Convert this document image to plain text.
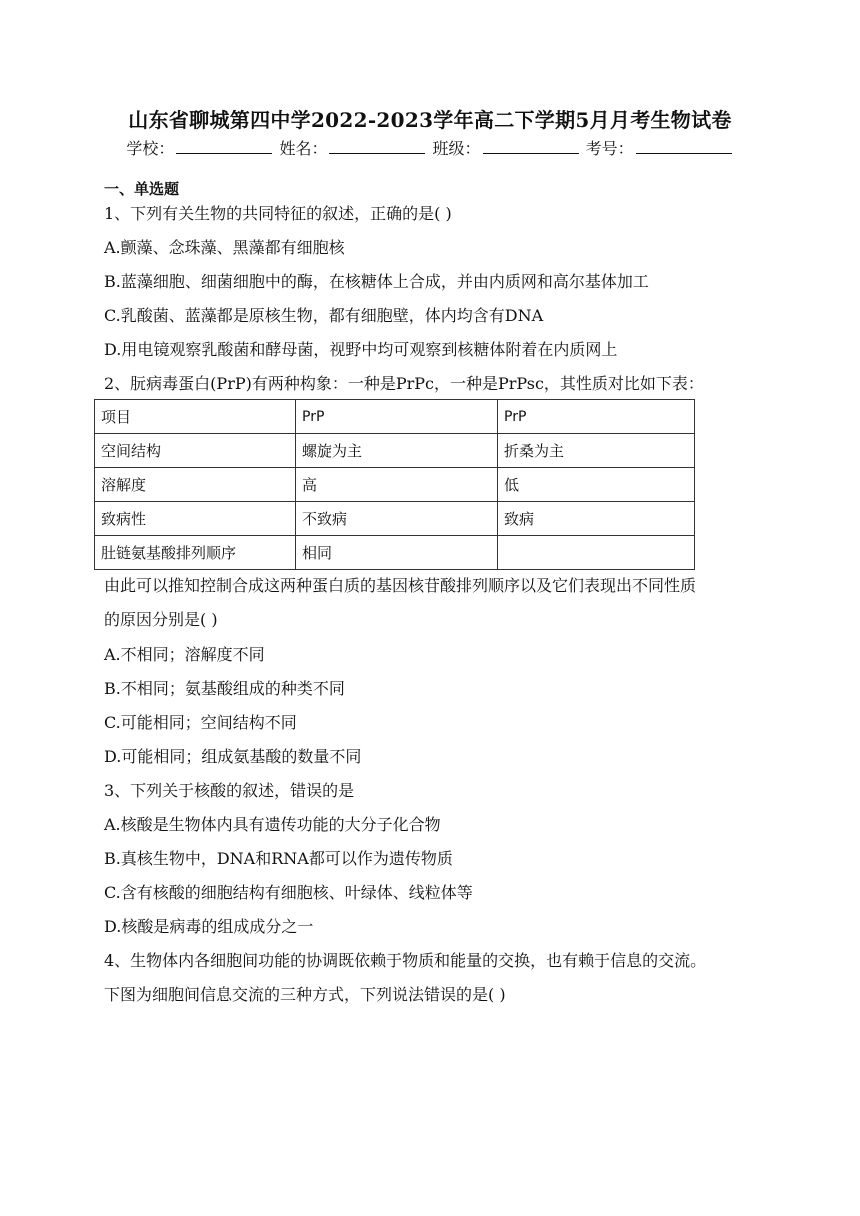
山东省聊城第四中学2022-2023学年高二下学期5月月考生物试卷
学校：	姓名：	班级：	考号：
一、单选题
1、下列有关生物的共同特征的叙述，正确的是( )
A.颤藻、念珠藻、黑藻都有细胞核
B.蓝藻细胞、细菌细胞中的酶，在核糖体上合成，并由内质网和高尔基体加工
C.乳酸菌、蓝藻都是原核生物，都有细胞壁，体内均含有DNA
D.用电镜观察乳酸菌和酵母菌，视野中均可观察到核糖体附着在内质网上
2、朊病毒蛋白(PrP)有两种构象：一种是PrPc，一种是PrPsc，其性质对比如下表：
项目	PrP	PrP
空间结构	螺旋为主	折桑为主
溶解度	高	低
致病性	不致病	致病
肚链氨基酸排列顺序	相同	
由此可以推知控制合成这两种蛋白质的基因核苷酸排列顺序以及它们表现出不同性质
的原因分别是( )
A.不相同；溶解度不同
B.不相同；氨基酸组成的种类不同
C.可能相同；空间结构不同
D.可能相同；组成氨基酸的数量不同
3、下列关于核酸的叙述，错误的是
A.核酸是生物体内具有遗传功能的大分子化合物
B.真核生物中，DNA和RNA都可以作为遗传物质
C.含有核酸的细胞结构有细胞核、叶绿体、线粒体等
D.核酸是病毒的组成成分之一
4、生物体内各细胞间功能的协调既依赖于物质和能量的交换，也有赖于信息的交流。
下图为细胞间信息交流的三种方式，下列说法错误的是( )
